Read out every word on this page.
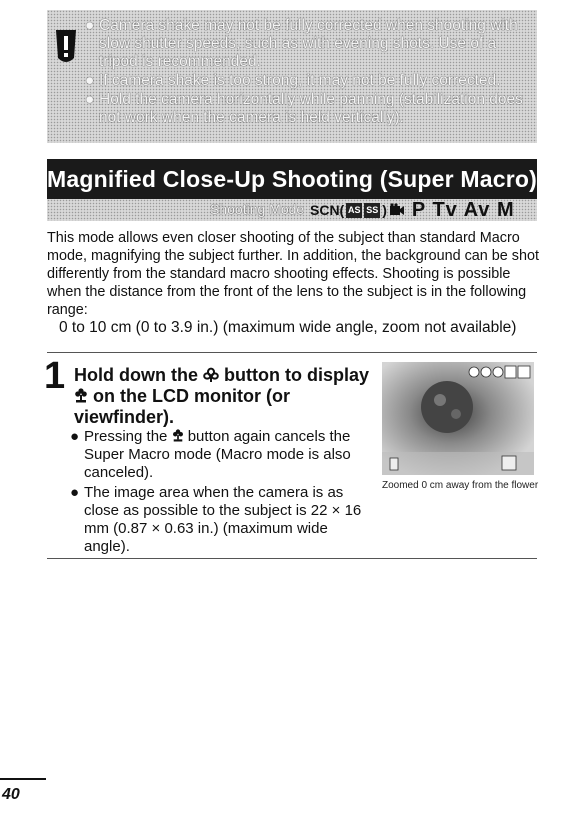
● Camera shake may not be fully corrected when shooting with slow shutter speeds, such as with evening shots. Use of a tripod is recommended.
● If camera shake is too strong, it may not be fully corrected.
● Hold the camera horizontally while panning (stabilization does not work when the camera is held vertically).
Magnified Close-Up Shooting (Super Macro)
Shooting Mode SCN( AS SS ) P Tv Av M

This mode allows even closer shooting of the subject than standard Macro mode, magnifying the subject further. In addition, the background can be shot differently from the standard macro shooting effects. Shooting is possible when the distance from the front of the lens to the subject is in the following range:

0 to 10 cm (0 to 3.9 in.) (maximum wide angle, zoom not available)

1 Hold down the  button to display  on the LCD monitor (or viewfinder).
● Pressing the  button again cancels the Super Macro mode (Macro mode is also canceled).
● The image area when the camera is as close as possible to the subject is 22 × 16 mm (0.87 × 0.63 in.) (maximum wide angle).
Zoomed 0 cm away from the flower
40
